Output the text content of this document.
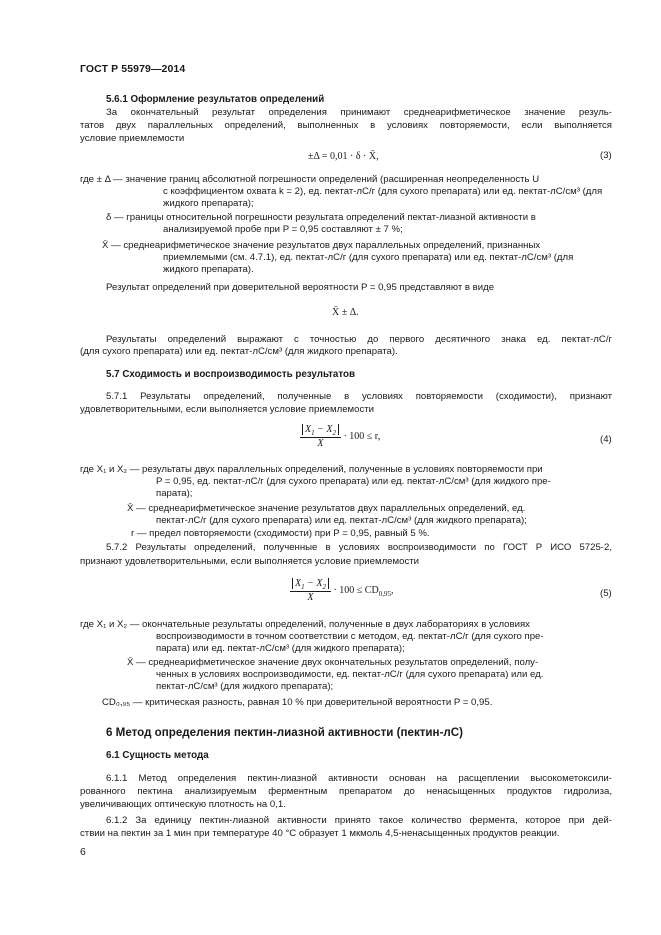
ГОСТ Р 55979—2014
5.6.1 Оформление результатов определений
За окончательный результат определения принимают среднеарифметическое значение резуль-
татов двух параллельных определений, выполненных в условиях повторяемости, если выполняется
условие приемлемости
±Δ = 0,01 · δ · X̄,	(3)
где ± Δ — значение границ абсолютной погрешности определений (расширенная неопределенность U
с коэффициентом охвата k = 2), ед. пектат-лС/г (для сухого препарата) или ед. пектат-лС/см³ (для
жидкого препарата);
δ — границы относительной погрешности результата определений пектат-лиазной активности в
анализируемой пробе при P = 0,95 составляют ± 7 %;
X̄ — среднеарифметическое значение результатов двух параллельных определений, признанных
приемлемыми (см. 4.7.1), ед. пектат-лС/г (для сухого препарата) или ед. пектат-лС/см³ (для
жидкого препарата).
Результат определений при доверительной вероятности P = 0,95 представляют в виде
X̄ ± Δ.
Результаты определений выражают с точностью до первого десятичного знака ед. пектат-лС/г
(для сухого препарата) или ед. пектат-лС/см³ (для жидкого препарата).
5.7 Сходимость и воспроизводимость результатов
5.7.1 Результаты определений, полученные в условиях повторяемости (сходимости), признают
удовлетворительными, если выполняется условие приемлемости
$\frac{X_1 - X_2}{X} \cdot 100 \le r$,	(4)
где X₁ и X₂ — результаты двух параллельных определений, полученные в условиях повторяемости при
P = 0,95, ед. пектат-лС/г (для сухого препарата) или ед. пектат-лС/см³ (для жидкого пре-
парата);
X̄ — среднеарифметическое значение результатов двух параллельных определений, ед.
пектат-лС/г (для сухого препарата) или ед. пектат-лС/см³ (для жидкого препарата);
r — предел повторяемости (сходимости) при P = 0,95, равный 5 %.
5.7.2 Результаты определений, полученные в условиях воспроизводимости по ГОСТ Р ИСО 5725-2,
признают удовлетворительными, если выполняется условие приемлемости
$\frac{X_1 - X_2}{X} \cdot 100 \le CD_{0,95}$,	(5)
где X₁ и X₂ — окончательные результаты определений, полученные в двух лабораториях в условиях
воспроизводимости в точном соответствии с методом, ед. пектат-лС/г (для сухого пре-
парата) или ед. пектат-лС/см³ (для жидкого препарата);
X̄ — среднеарифметическое значение двух окончательных результатов определений, полу-
ченных в условиях воспроизводимости, ед. пектат-лС/г (для сухого препарата) или ед.
пектат-лС/см³ (для жидкого препарата);
CD₀,₉₅ — критическая разность, равная 10 % при доверительной вероятности P = 0,95.
6 Метод определения пектин-лиазной активности (пектин-лС)
6.1 Сущность метода
6.1.1 Метод определения пектин-лиазной активности основан на расщеплении высокометоксили-
рованного пектина анализируемым ферментным препаратом до ненасыщенных продуктов гидролиза,
увеличивающих оптическую плотность на 0,1.
6.1.2 За единицу пектин-лиазной активности принято такое количество фермента, которое при дей-
ствии на пектин за 1 мин при температуре 40 °С образует 1 мкмоль 4,5-ненасыщенных продуктов реакции.
6
